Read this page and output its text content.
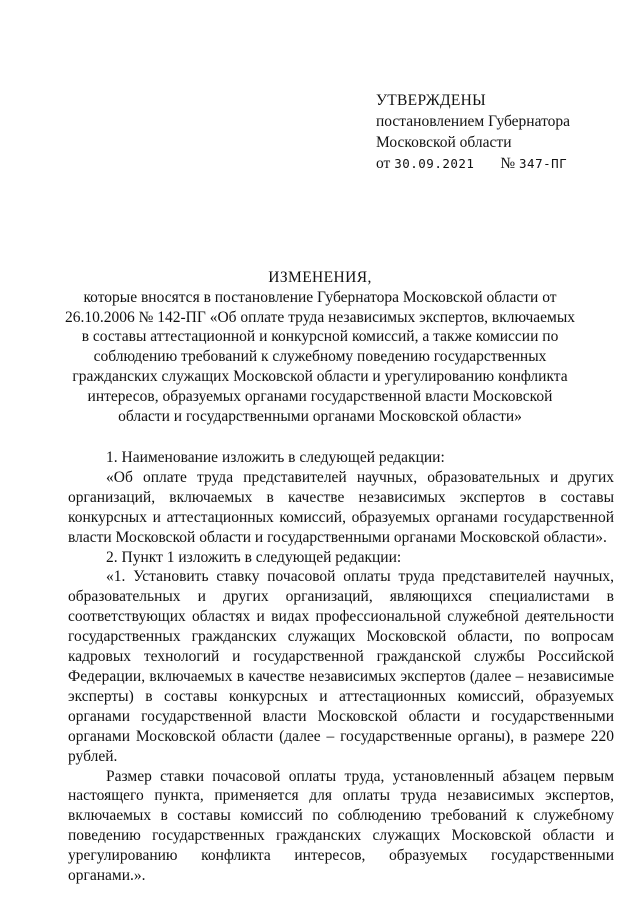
УТВЕРЖДЕНЫ
постановлением Губернатора
Московской области
от 30.09.2021 № 347-ПГ
ИЗМЕНЕНИЯ,
которые вносятся в постановление Губернатора Московской области от 26.10.2006 № 142-ПГ «Об оплате труда независимых экспертов, включаемых в составы аттестационной и конкурсной комиссий, а также комиссии по соблюдению требований к служебному поведению государственных гражданских служащих Московской области и урегулированию конфликта интересов, образуемых органами государственной власти Московской области и государственными органами Московской области»

1. Наименование изложить в следующей редакции:

«Об оплате труда представителей научных, образовательных и других организаций, включаемых в качестве независимых экспертов в составы конкурсных и аттестационных комиссий, образуемых органами государственной власти Московской области и государственными органами Московской области».

2. Пункт 1 изложить в следующей редакции:

«1. Установить ставку почасовой оплаты труда представителей научных, образовательных и других организаций, являющихся специалистами в соответствующих областях и видах профессиональной служебной деятельности государственных гражданских служащих Московской области, по вопросам кадровых технологий и государственной гражданской службы Российской Федерации, включаемых в качестве независимых экспертов (далее – независимые эксперты) в составы конкурсных и аттестационных комиссий, образуемых органами государственной власти Московской области и государственными органами Московской области (далее – государственные органы), в размере 220 рублей.

Размер ставки почасовой оплаты труда, установленный абзацем первым настоящего пункта, применяется для оплаты труда независимых экспертов, включаемых в составы комиссий по соблюдению требований к служебному поведению государственных гражданских служащих Московской области и урегулированию конфликта интересов, образуемых государственными органами.».
